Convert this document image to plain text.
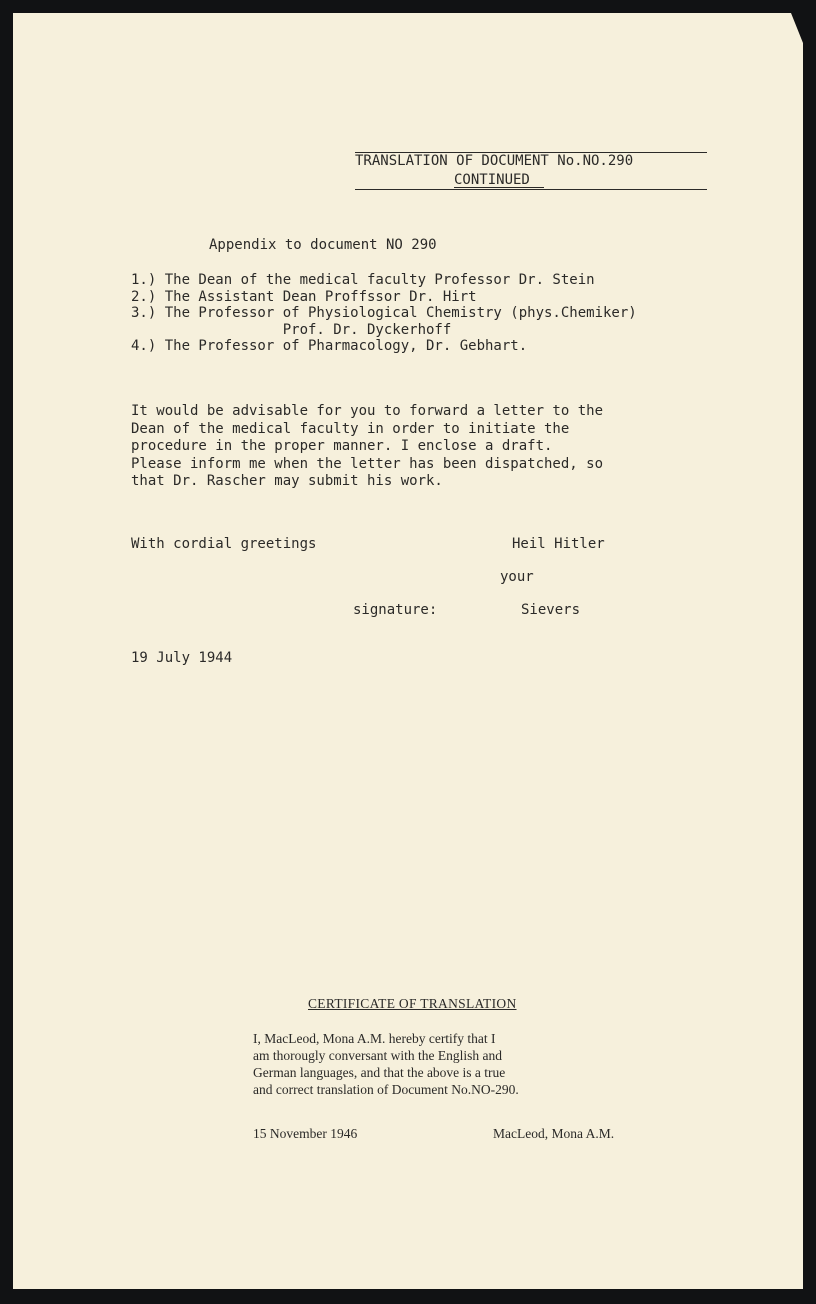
TRANSLATION OF DOCUMENT No.NO.290

CONTINUED

Appendix to document NO 290

1.) The Dean of the medical faculty Professor Dr. Stein
2.) The Assistant Dean Proffssor Dr. Hirt
3.) The Professor of Physiological Chemistry (phys.Chemiker)
Prof. Dr. Dyckerhoff
4.) The Professor of Pharmacology, Dr. Gebhart.
It would be advisable for you to forward a letter to the
Dean of the medical faculty in order to initiate the
procedure in the proper manner. I enclose a draft.
Please inform me when the letter has been dispatched, so
that Dr. Rascher may submit his work.

With cordial greetings	Heil Hitler

your

signature:	Sievers

19 July 1944

CERTIFICATE OF TRANSLATION

I, MacLeod, Mona A.M. hereby certify that I
am thorougly conversant with the English and
German languages, and that the above is a true
and correct translation of Document No.NO-290.

15 November 1946	MacLeod, Mona A.M.
